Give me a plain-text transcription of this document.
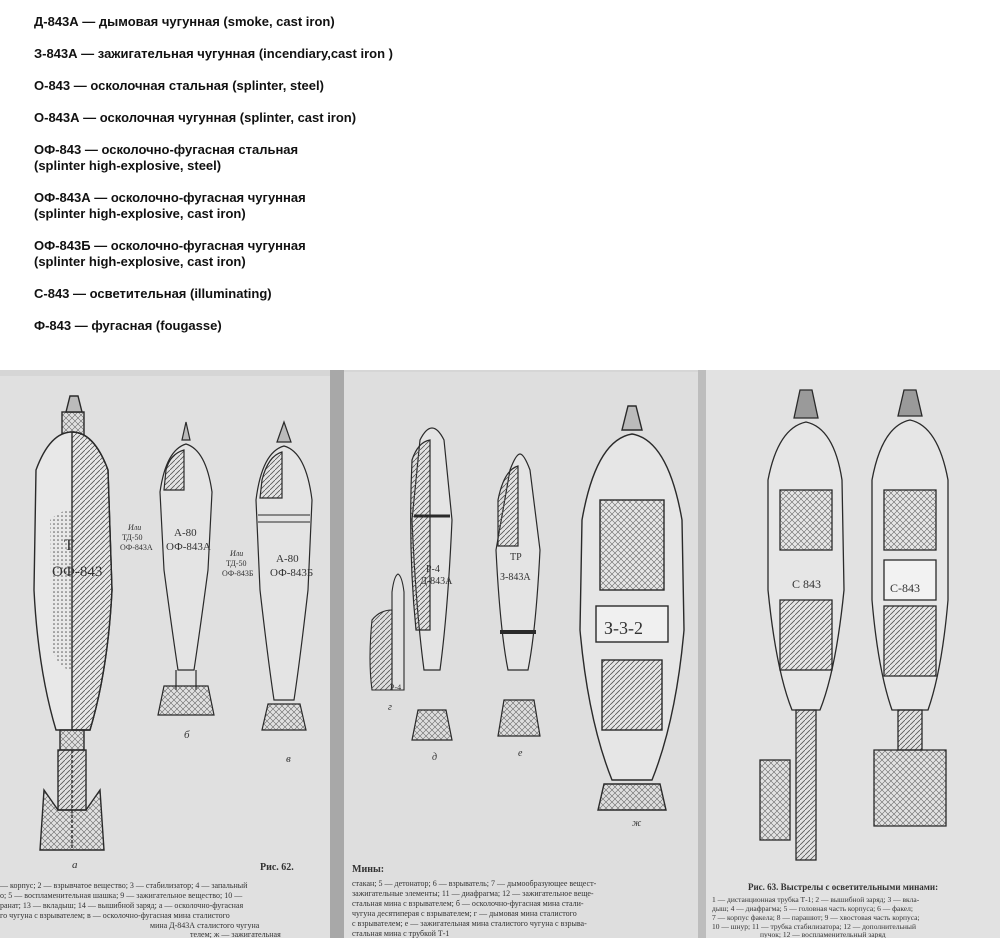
Д-843А — дымовая чугунная (smoke, cast iron)
З-843А — зажигательная чугунная (incendiary,cast iron )
О-843 — осколочная стальная (splinter, steel)
О-843А — осколочная чугунная (splinter, cast iron)
ОФ-843 — осколочно-фугасная стальная
(splinter high-explosive, steel)
ОФ-843А — осколочно-фугасная чугунная
(splinter high-explosive, cast iron)
ОФ-843Б — осколочно-фугасная чугунная
(splinter high-explosive, cast iron)
С-843 — осветительная (illuminating)
Ф-843 — фугасная (fougasse)
Т
ОФ-843
а
А-80
ОФ-843А
Или
ТД-50
ОФ-843А
б
А-80
ОФ-843Б
Или
ТД-50
ОФ-843Б
в
Р-4
г
Р-4
Д-843А
д
ТР
З-843А
е
З-3-2
ж
С 843	С-843
Рис. 62.
— корпус; 2 — взрывчатое вещество; 3 — стабилизатор; 4 — запальный
о; 5 — воспламенительная шашка; 9 — зажигательное вещество; 10 —
ранат; 13 — вкладыш; 14 — вышибной заряд; а — осколочно-фугасная
го чугуна с взрывателем; в — осколочно-фугасная мина сталистого
мина Д-843А сталистого чугуна
телем; ж — зажигательная
Мины:
стакан; 5 — детонатор; 6 — взрыватель; 7 — дымообразующее вещест-
зажигательные элементы; 11 — диафрагма; 12 — зажигательное веще-
стальная мина с взрывателем; б — осколочно-фугасная мина стали-
чугуна десятиперая с взрывателем; г — дымовая мина сталистого
с взрывателем; е — зажигательная мина сталистого чугуна с взрыва-
стальная мина с трубкой Т-1
Рис. 63. Выстрелы с осветительными минами:
1 — дистанционная трубка Т-1; 2 — вышибной заряд; 3 — вкла-
дыш; 4 — диафрагма; 5 — головная часть корпуса; 6 — факел;
7 — корпус факела; 8 — парашют; 9 — хвостовая часть корпуса;
10 — шнур; 11 — трубка стабилизатора; 12 — дополнительный
пучок; 12 — воспламенительный заряд
